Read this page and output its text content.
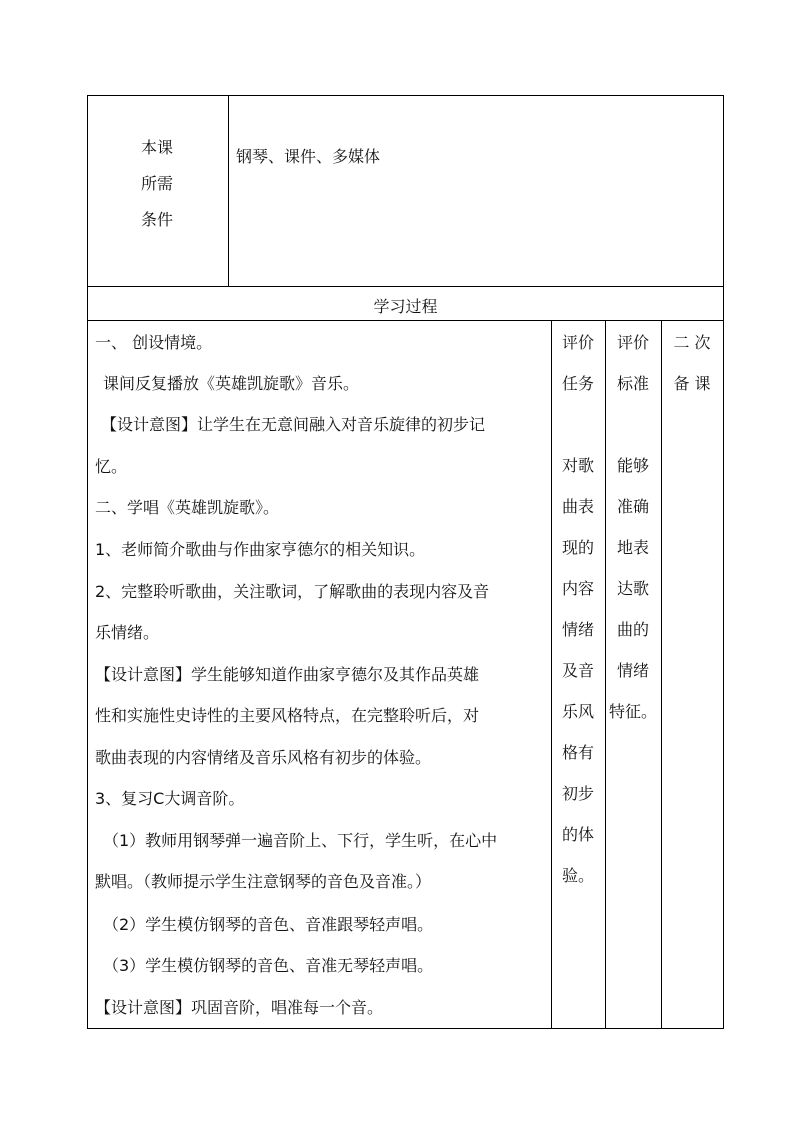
本课
所需
条件
钢琴、课件、多媒体
学习过程
一、 创设情境。
课间反复播放《英雄凯旋歌》音乐。
【设计意图】让学生在无意间融入对音乐旋律的初步记
忆。
二、学唱《英雄凯旋歌》。
1、老师简介歌曲与作曲家亨德尔的相关知识。
2、完整聆听歌曲，关注歌词，了解歌曲的表现内容及音
乐情绪。
【设计意图】学生能够知道作曲家亨德尔及其作品英雄
性和实施性史诗性的主要风格特点，在完整聆听后，对
歌曲表现的内容情绪及音乐风格有初步的体验。
3、复习C大调音阶。
（1）教师用钢琴弹一遍音阶上、下行，学生听，在心中
默唱。（教师提示学生注意钢琴的音色及音准。）
（2）学生模仿钢琴的音色、音准跟琴轻声唱。
（3）学生模仿钢琴的音色、音准无琴轻声唱。
【设计意图】巩固音阶，唱准每一个音。
评价
任务
对歌
曲表
现的
内容
情绪
及音
乐风
格有
初步
的体
验。
评价
标准
能够
准确
地表
达歌
曲的
情绪
特征。
二 次
备 课
